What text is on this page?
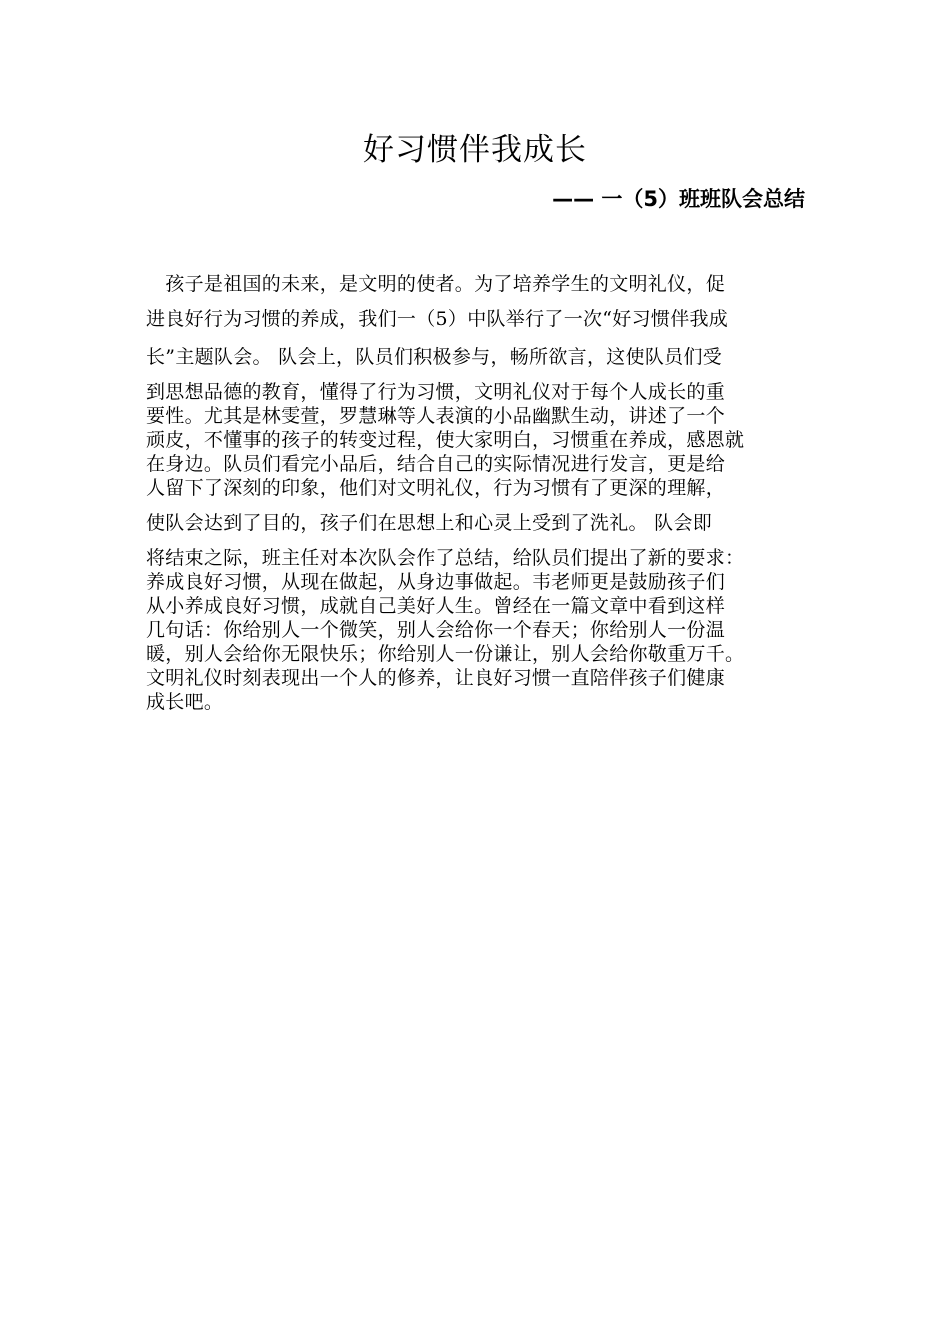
好习惯伴我成长
—— 一（5）班班队会总结
　孩子是祖国的未来，是文明的使者。为了培养学生的文明礼仪，促
进良好行为习惯的养成，我们一（5）中队举行了一次“好习惯伴我成
长”主题队会。 队会上，队员们积极参与，畅所欲言，这使队员们受
到思想品德的教育，懂得了行为习惯，文明礼仪对于每个人成长的重
要性。尤其是林雯萱，罗慧琳等人表演的小品幽默生动，讲述了一个
顽皮，不懂事的孩子的转变过程，使大家明白，习惯重在养成，感恩就
在身边。队员们看完小品后，结合自己的实际情况进行发言，更是给
人留下了深刻的印象，他们对文明礼仪，行为习惯有了更深的理解，
使队会达到了目的，孩子们在思想上和心灵上受到了洗礼。 队会即
将结束之际，班主任对本次队会作了总结，给队员们提出了新的要求：
养成良好习惯，从现在做起，从身边事做起。韦老师更是鼓励孩子们
从小养成良好习惯，成就自己美好人生。曾经在一篇文章中看到这样
几句话：你给别人一个微笑，别人会给你一个春天；你给别人一份温
暖，别人会给你无限快乐；你给别人一份谦让，别人会给你敬重万千。
文明礼仪时刻表现出一个人的修养，让良好习惯一直陪伴孩子们健康
成长吧。
